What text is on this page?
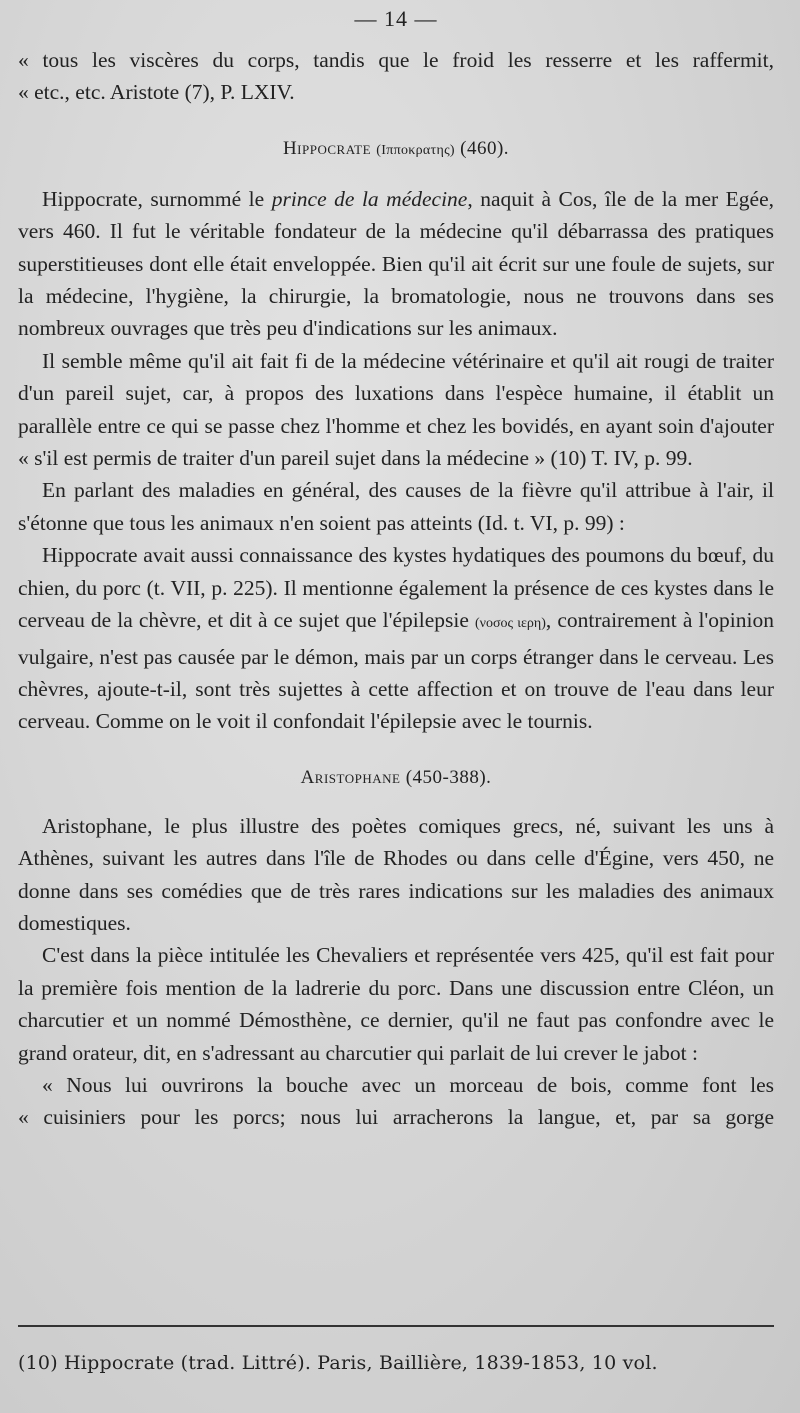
— 14 —

« tous les viscères du corps, tandis que le froid les resserre et les raffermit,

« etc., etc. Aristote (7), P. LXIV.

Hippocrate (Ιπποκρατης) (460).

Hippocrate, surnommé le prince de la médecine, naquit à Cos, île de la mer Egée, vers 460. Il fut le véritable fondateur de la médecine qu'il débarrassa des pratiques superstitieuses dont elle était enveloppée. Bien qu'il ait écrit sur une foule de sujets, sur la médecine, l'hygiène, la chirurgie, la bromatologie, nous ne trouvons dans ses nombreux ouvrages que très peu d'indications sur les animaux.

Il semble même qu'il ait fait fi de la médecine vétérinaire et qu'il ait rougi de traiter d'un pareil sujet, car, à propos des luxations dans l'espèce humaine, il établit un parallèle entre ce qui se passe chez l'homme et chez les bovidés, en ayant soin d'ajouter « s'il est permis de traiter d'un pareil sujet dans la médecine » (10) T. IV, p. 99.

En parlant des maladies en général, des causes de la fièvre qu'il attribue à l'air, il s'étonne que tous les animaux n'en soient pas atteints (Id. t. VI, p. 99) :

Hippocrate avait aussi connaissance des kystes hydatiques des poumons du bœuf, du chien, du porc (t. VII, p. 225). Il mentionne également la présence de ces kystes dans le cerveau de la chèvre, et dit à ce sujet que l'épilepsie (νοσος ιερη), contrairement à l'opinion vulgaire, n'est pas causée par le démon, mais par un corps étranger dans le cerveau. Les chèvres, ajoute-t-il, sont très sujettes à cette affection et on trouve de l'eau dans leur cerveau. Comme on le voit il confondait l'épilepsie avec le tournis.

Aristophane (450-388).

Aristophane, le plus illustre des poètes comiques grecs, né, suivant les uns à Athènes, suivant les autres dans l'île de Rhodes ou dans celle d'Égine, vers 450, ne donne dans ses comédies que de très rares indications sur les maladies des animaux domestiques.

C'est dans la pièce intitulée les Chevaliers et représentée vers 425, qu'il est fait pour la première fois mention de la ladrerie du porc. Dans une discussion entre Cléon, un charcutier et un nommé Démosthène, ce dernier, qu'il ne faut pas confondre avec le grand orateur, dit, en s'adressant au charcutier qui parlait de lui crever le jabot :

« Nous lui ouvrirons la bouche avec un morceau de bois, comme font les

« cuisiniers pour les porcs; nous lui arracherons la langue, et, par sa gorge

(10) Hippocrate (trad. Littré). Paris, Baillière, 1839-1853, 10 vol.
